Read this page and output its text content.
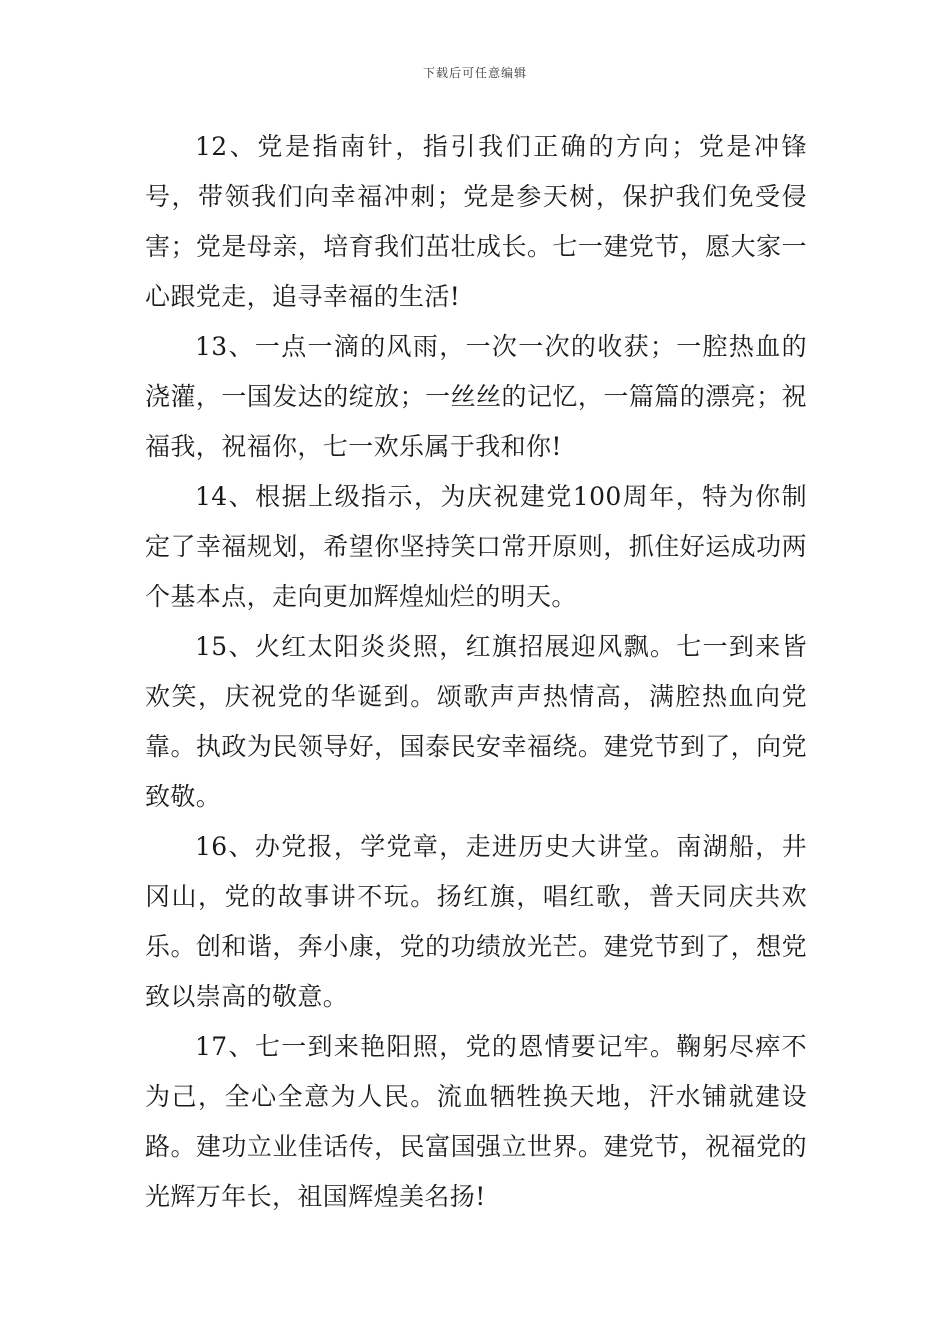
下载后可任意编辑

12、党是指南针，指引我们正确的方向；党是冲锋号，带领我们向幸福冲刺；党是参天树，保护我们免受侵害；党是母亲，培育我们茁壮成长。七一建党节，愿大家一心跟党走，追寻幸福的生活!

13、一点一滴的风雨，一次一次的收获；一腔热血的浇灌，一国发达的绽放；一丝丝的记忆，一篇篇的漂亮；祝福我，祝福你，七一欢乐属于我和你!

14、根据上级指示，为庆祝建党100周年，特为你制定了幸福规划，希望你坚持笑口常开原则，抓住好运成功两个基本点，走向更加辉煌灿烂的明天。

15、火红太阳炎炎照，红旗招展迎风飘。七一到来皆欢笑，庆祝党的华诞到。颂歌声声热情高，满腔热血向党靠。执政为民领导好，国泰民安幸福绕。建党节到了，向党致敬。

16、办党报，学党章，走进历史大讲堂。南湖船，井冈山，党的故事讲不玩。扬红旗，唱红歌，普天同庆共欢乐。创和谐，奔小康，党的功绩放光芒。建党节到了，想党致以崇高的敬意。

17、七一到来艳阳照，党的恩情要记牢。鞠躬尽瘁不为己，全心全意为人民。流血牺牲换天地，汗水铺就建设路。建功立业佳话传，民富国强立世界。建党节，祝福党的光辉万年长，祖国辉煌美名扬!
